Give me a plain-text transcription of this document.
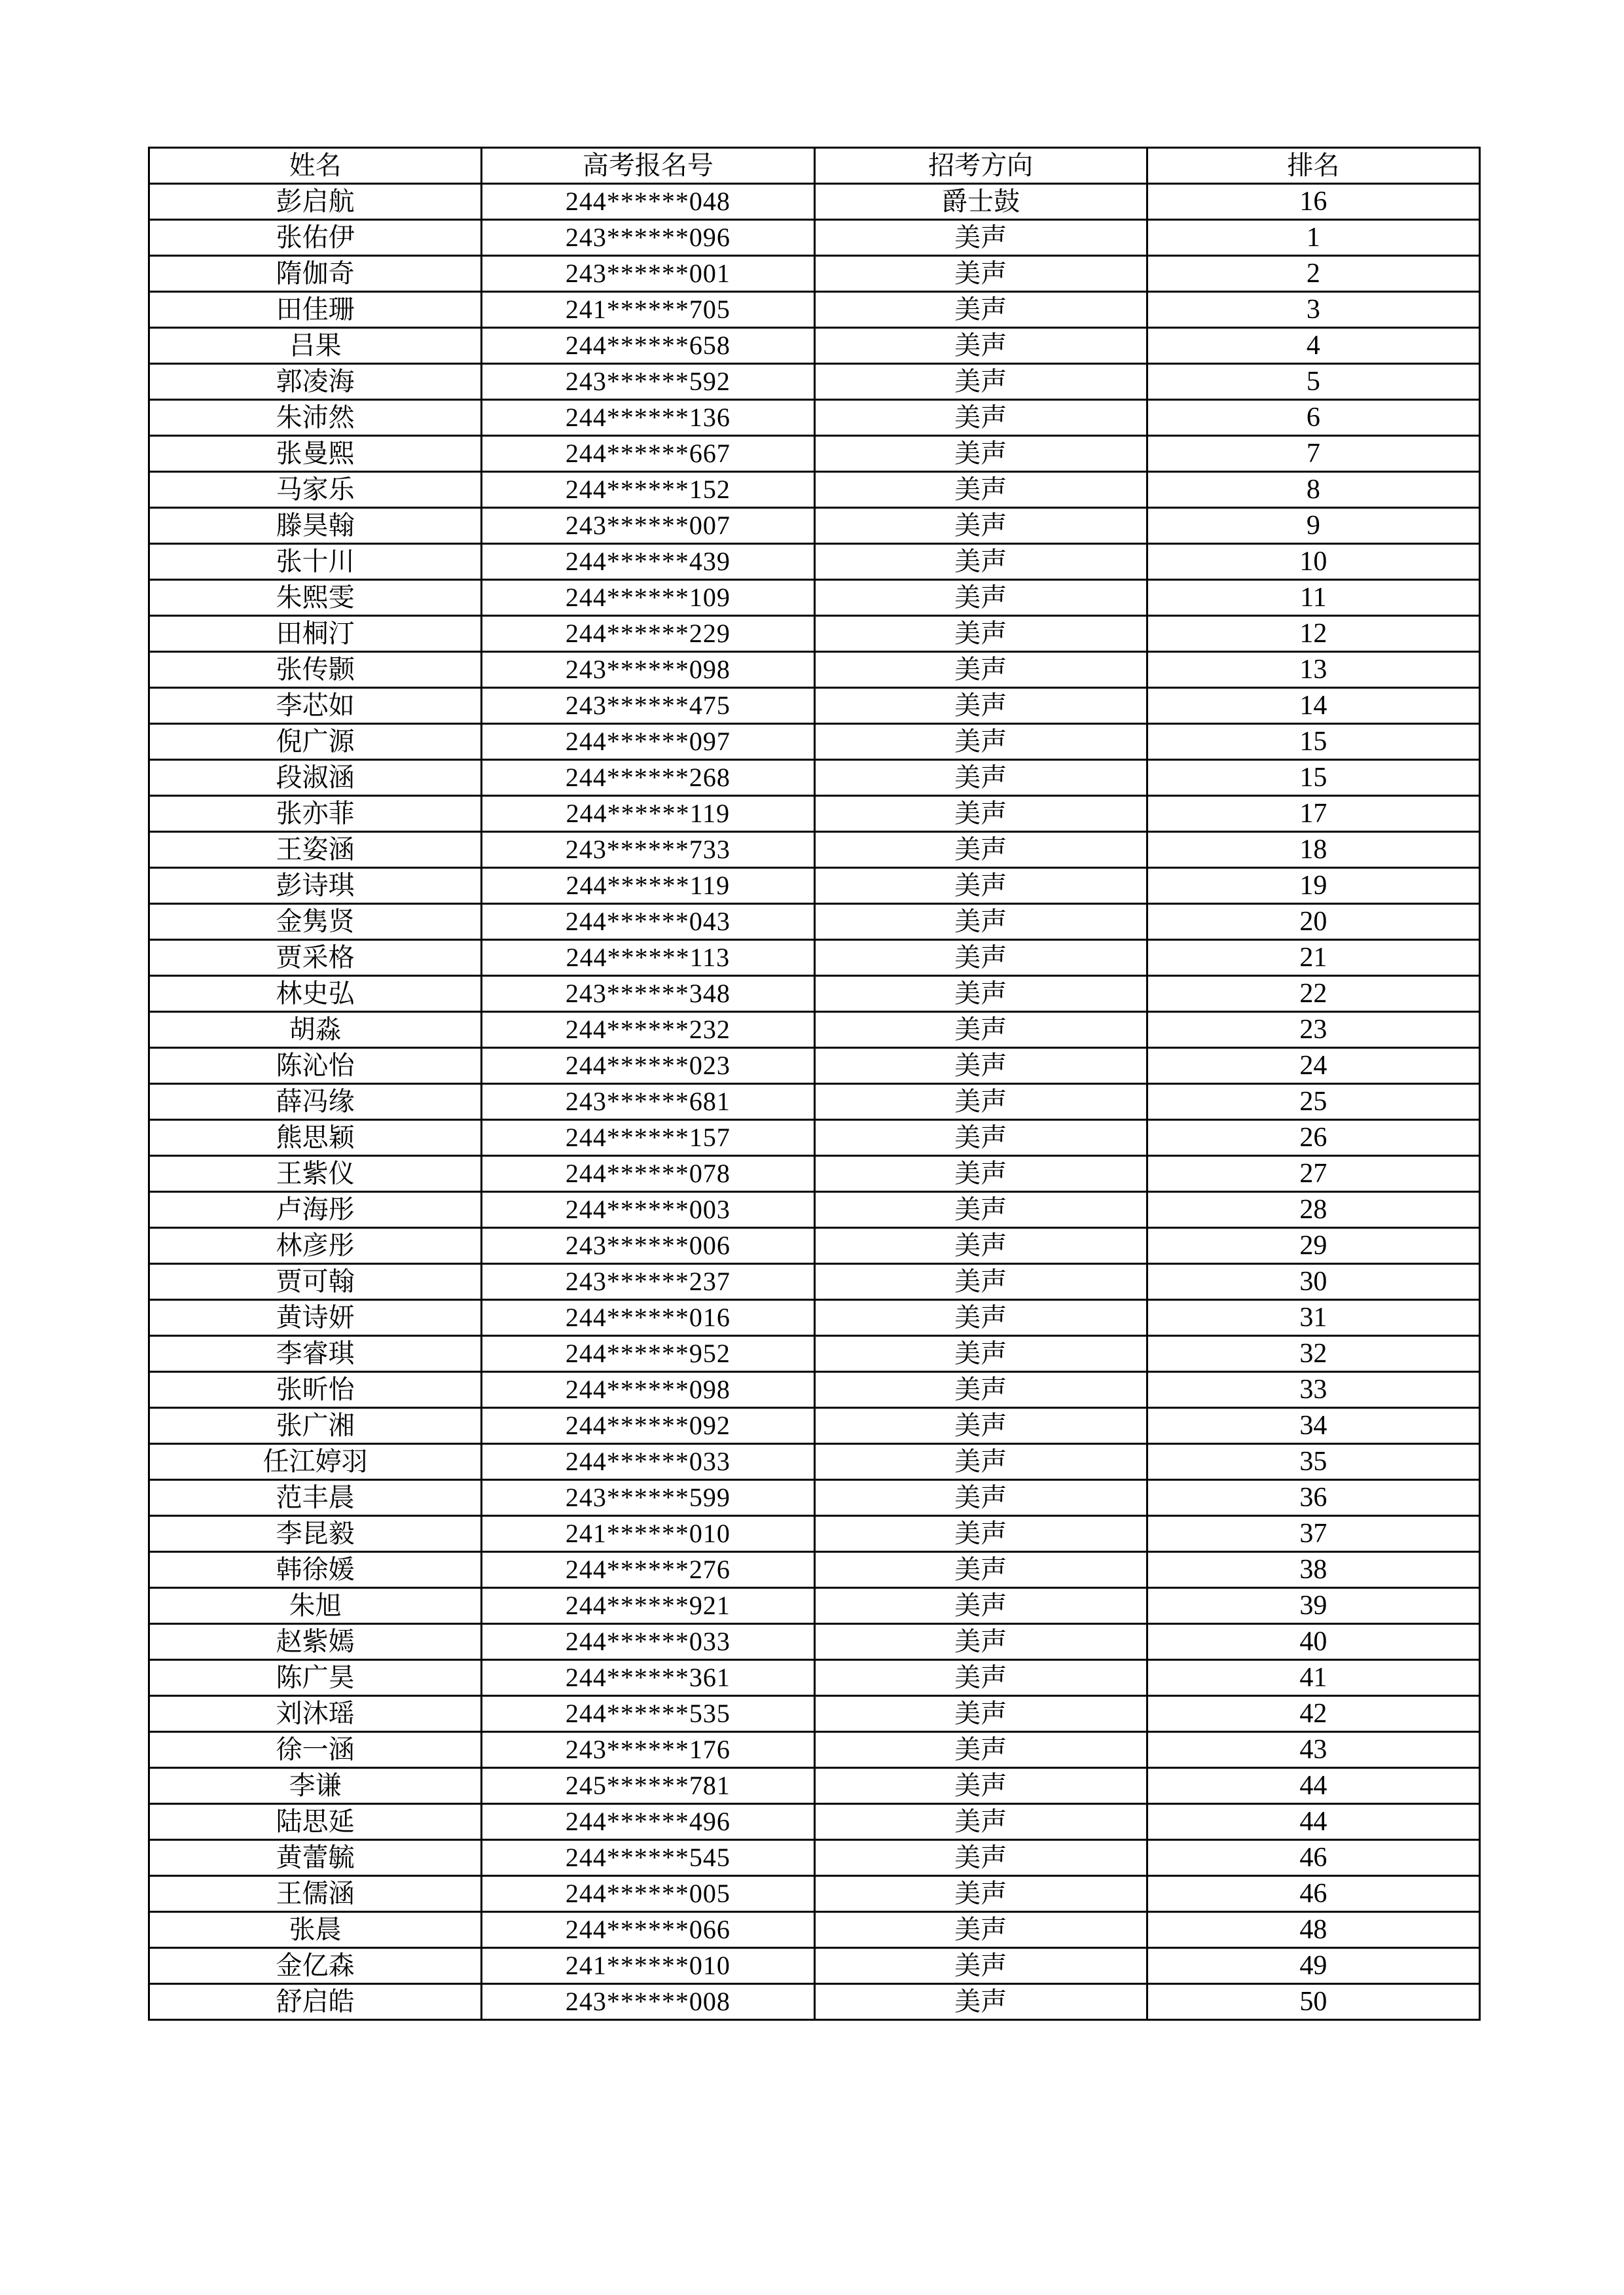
姓名	高考报名号	招考方向	排名
彭启航	244******048	爵士鼓	16
张佑伊	243******096	美声	1
隋伽奇	243******001	美声	2
田佳珊	241******705	美声	3
吕果	244******658	美声	4
郭凌海	243******592	美声	5
朱沛然	244******136	美声	6
张曼熙	244******667	美声	7
马家乐	244******152	美声	8
滕昊翰	243******007	美声	9
张十川	244******439	美声	10
朱熙雯	244******109	美声	11
田桐汀	244******229	美声	12
张传颢	243******098	美声	13
李芯如	243******475	美声	14
倪广源	244******097	美声	15
段淑涵	244******268	美声	15
张亦菲	244******119	美声	17
王姿涵	243******733	美声	18
彭诗琪	244******119	美声	19
金隽贤	244******043	美声	20
贾采格	244******113	美声	21
林史弘	243******348	美声	22
胡淼	244******232	美声	23
陈沁怡	244******023	美声	24
薛冯缘	243******681	美声	25
熊思颖	244******157	美声	26
王紫仪	244******078	美声	27
卢海彤	244******003	美声	28
林彦彤	243******006	美声	29
贾可翰	243******237	美声	30
黄诗妍	244******016	美声	31
李睿琪	244******952	美声	32
张昕怡	244******098	美声	33
张广湘	244******092	美声	34
任江婷羽	244******033	美声	35
范丰晨	243******599	美声	36
李昆毅	241******010	美声	37
韩徐媛	244******276	美声	38
朱旭	244******921	美声	39
赵紫嫣	244******033	美声	40
陈广昊	244******361	美声	41
刘沐瑶	244******535	美声	42
徐一涵	243******176	美声	43
李谦	245******781	美声	44
陆思延	244******496	美声	44
黄蕾毓	244******545	美声	46
王儒涵	244******005	美声	46
张晨	244******066	美声	48
金亿森	241******010	美声	49
舒启皓	243******008	美声	50
